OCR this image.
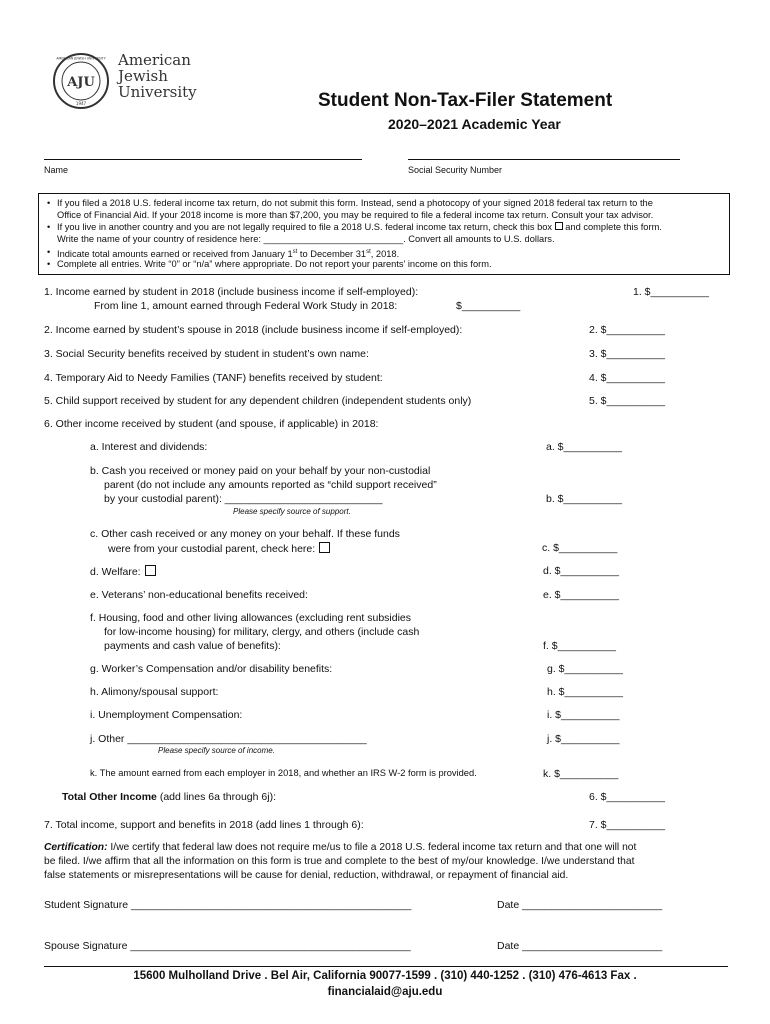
AJU
1947
AMERICAN JEWISH UNIVERSITY American
Jewish
University	Student Non-Tax-Filer Statement
2020–2021 Academic Year
Name	Social Security Number
• If you filed a 2018 U.S. federal income tax return, do not submit this form. Instead, send a photocopy of your signed 2018 federal tax return to the
Office of Financial Aid. If your 2018 income is more than $7,200, you may be required to file a federal income tax return. Consult your tax advisor.
• If you live in another country and you are not legally required to file a 2018 U.S. federal income tax return, check this box and complete this form.
Write the name of your country of residence here: ___________________________. Convert all amounts to U.S. dollars.
• Indicate total amounts earned or received from January 1st to December 31st, 2018.
• Complete all entries. Write “0” or “n/a” where appropriate. Do not report your parents’ income on this form.
1. Income earned by student in 2018 (include business income if self-employed):	1. $__________
From line 1, amount earned through Federal Work Study in 2018:	$__________
2. Income earned by student’s spouse in 2018 (include business income if self-employed):	2. $__________
3. Social Security benefits received by student in student’s own name:	3. $__________
4. Temporary Aid to Needy Families (TANF) benefits received by student:	4. $__________
5. Child support received by student for any dependent children (independent students only)	5. $__________
6. Other income received by student (and spouse, if applicable) in 2018:
a. Interest and dividends:	a. $__________
b. Cash you received or money paid on your behalf by your non-custodial
parent (do not include any amounts reported as “child support received”
by your custodial parent): ___________________________	b. $__________
Please specify source of support.
c. Other cash received or any money on your behalf. If these funds
were from your custodial parent, check here:	c. $__________
d. Welfare:	d. $__________
e. Veterans’ non-educational benefits received:	e. $__________
f. Housing, food and other living allowances (excluding rent subsidies
for low-income housing) for military, clergy, and others (include cash
payments and cash value of benefits):	f. $__________
g. Worker’s Compensation and/or disability benefits:	g. $__________
h. Alimony/spousal support:	h. $__________
i. Unemployment Compensation:	i. $__________
j. Other _________________________________________	j. $__________
Please specify source of income.
k. The amount earned from each employer in 2018, and whether an IRS W-2 form is provided.	k. $__________
Total Other Income (add lines 6a through 6j):	6. $__________
7. Total income, support and benefits in 2018 (add lines 1 through 6):	7. $__________
Certification: I/we certify that federal law does not require me/us to file a 2018 U.S. federal income tax return and that one will not
be filed. I/we affirm that all the information on this form is true and complete to the best of my/our knowledge. I/we understand that
false statements or misrepresentations will be cause for denial, reduction, withdrawal, or repayment of financial aid.
Student Signature ________________________________________________	Date ________________________
Spouse Signature ________________________________________________	Date ________________________
15600 Mulholland Drive . Bel Air, California 90077-1599 . (310) 440-1252 . (310) 476-4613 Fax .
financialaid@aju.edu
